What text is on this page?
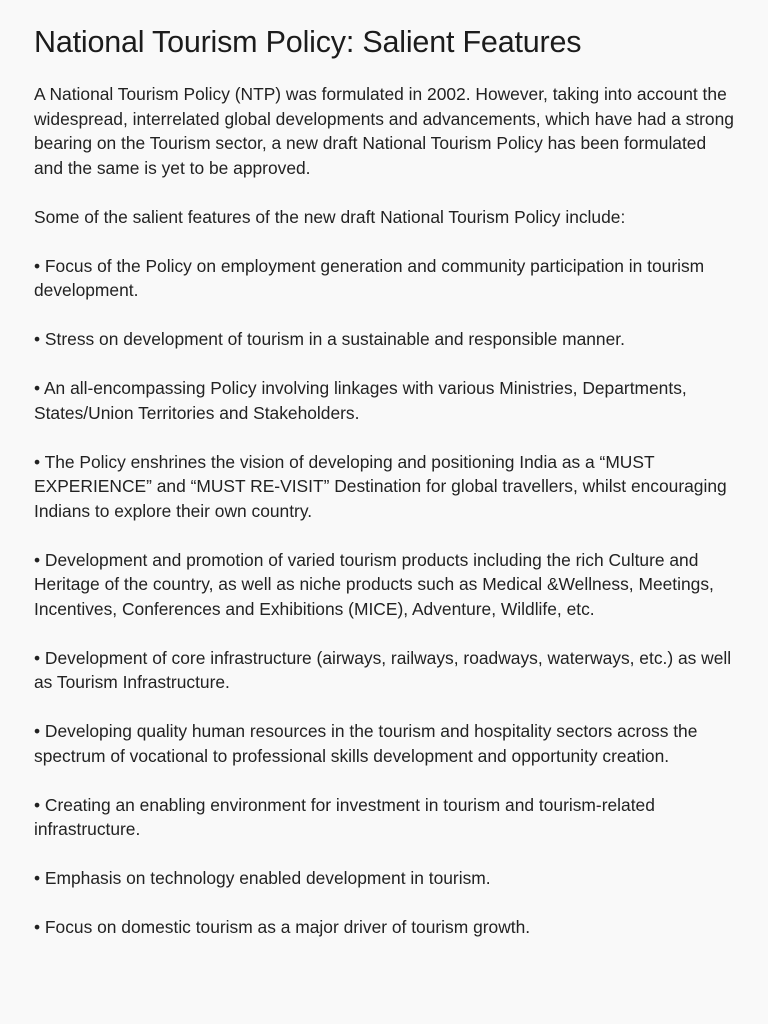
National Tourism Policy: Salient Features

A National Tourism Policy (NTP) was formulated in 2002. However, taking into account the widespread, interrelated global developments and advancements, which have had a strong bearing on the Tourism sector, a new draft National Tourism Policy has been formulated and the same is yet to be approved.

Some of the salient features of the new draft National Tourism Policy include:

• Focus of the Policy on employment generation and community participation in tourism development.
• Stress on development of tourism in a sustainable and responsible manner.
• An all-encompassing Policy involving linkages with various Ministries, Departments, States/Union Territories and Stakeholders.
• The Policy enshrines the vision of developing and positioning India as a “MUST EXPERIENCE” and “MUST RE-VISIT” Destination for global travellers, whilst encouraging Indians to explore their own country.
• Development and promotion of varied tourism products including the rich Culture and Heritage of the country, as well as niche products such as Medical &Wellness, Meetings, Incentives, Conferences and Exhibitions (MICE), Adventure, Wildlife, etc.
• Development of core infrastructure (airways, railways, roadways, waterways, etc.) as well as Tourism Infrastructure.
• Developing quality human resources in the tourism and hospitality sectors across the spectrum of vocational to professional skills development and opportunity creation.
• Creating an enabling environment for investment in tourism and tourism-related infrastructure.
• Emphasis on technology enabled development in tourism.
• Focus on domestic tourism as a major driver of tourism growth.
